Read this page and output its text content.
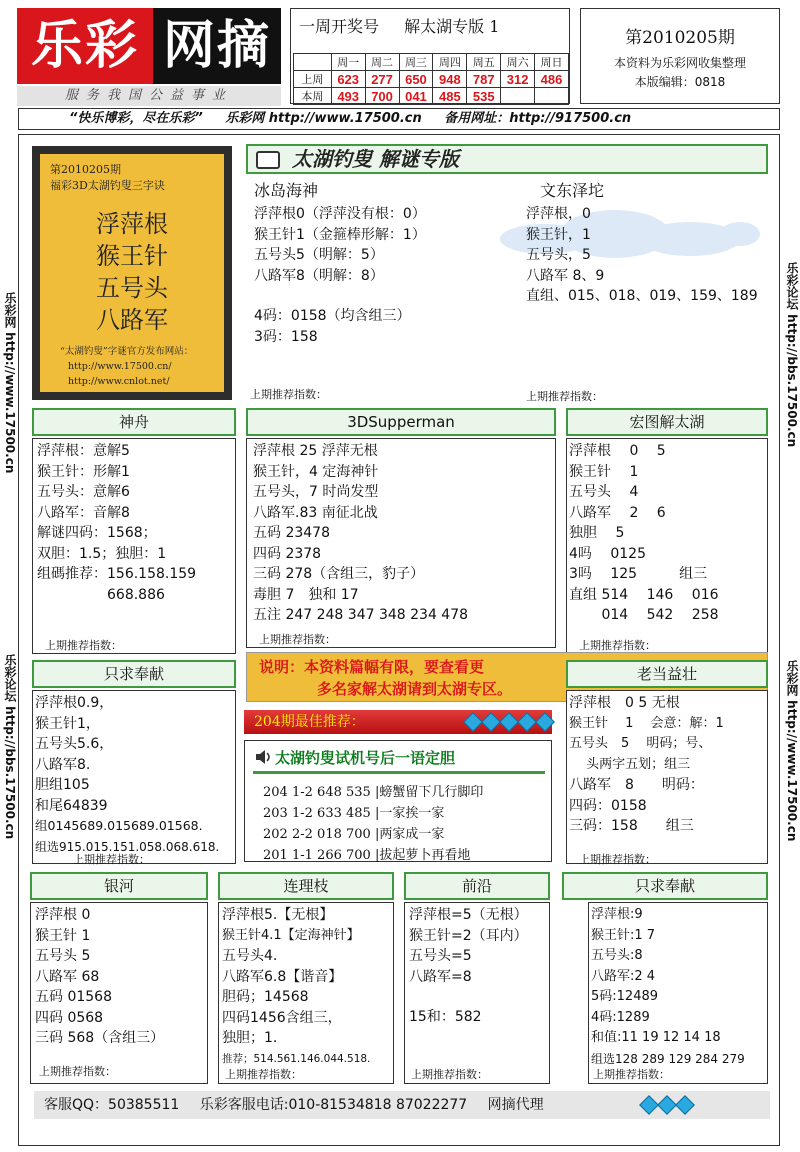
乐彩 网摘
服务我国公益事业
一周开奖号 解太湖专版 1
	周一	周二	周三	周四	周五	周六	周日
上周	623	277	650	948	787	312	486
本周	493	700	041	485	535		
第2010205期
本资料为乐彩网收集整理
本版编辑：0818
“快乐博彩，尽在乐彩” 乐彩网 http://www.17500.cn 备用网址：http://917500.cn
乐彩网 http://www.17500.cn
乐彩论坛 http://bbs.17500.cn
乐彩论坛 http://bbs.17500.cn
乐彩网 http://www.17500.cn
第2010205期
福彩3D太湖钓叟三字诀
浮萍根
猴王针
五号头
八路军
“太湖钓叟”字谜官方发布网站：
http://www.17500.cn/
http://www.cnlot.net/
太湖钓叟 解谜专版
冰岛海神
浮萍根0（浮萍没有根：0）
猴王针1（金箍棒形解：1）
五号头5（明解：5）
八路军8（明解：8）
4码：0158（均含组三）
3码：158
上期推荐指数：
文东泽坨
浮萍根，0
猴王针，1
五号头，5
八路军 8、9
直组、015、018、019、159、189
上期推荐指数：
神舟
浮萍根：意解5
猴王针：形解1
五号头：意解6
八路军：音解8
解谜四码：1568；
双胆：1.5；独胆：1
组碼推荐：156.158.159
　　　　　668.886
上期推荐指数：
3DSupperman
浮萍根 25 浮萍无根
猴王针，4 定海神针
五号头，7 时尚发型
八路军.83 南征北战
五码 23478
四码 2378
三码 278（含组三，豹子）
毒胆 7　独和 17
五注 247 248 347 348 234 478
上期推荐指数：
宏图解太湖
浮萍根　 0　 5
猴王针　 1
五号头　 4
八路军　 2　 6
独胆　 5
4吗　 0125
3吗　 125　　　组三
直组 514　 146　 016
　　 014　 542　 258
上期推荐指数：
说明：本资料篇幅有限，要查看更
多名家解太湖请到太湖专区。
只求奉献
浮萍根0.9，
猴王针1，
五号头5.6，
八路军8.
胆组105
和尾64839
组0145689.015689.01568.
组选915.015.151.058.068.618.
上期推荐指数：
204期最佳推荐：
太湖钓叟试机号后一语定胆
204 1-2 648 535 |螃蟹留下几行脚印
203 1-2 633 485 |一家挨一家
202 2-2 018 700 |两家成一家
201 1-1 266 700 |拔起萝卜再看地
老当益壮
浮萍根　0 5 无根
猴王针　 1　 会意：解：1
五号头　5　 明码；号、
　 头两字五划；组三
八路军　8　　明码：
四码：0158
三码：158　　组三
上期推荐指数：
银河
浮萍根 0
猴王针 1
五号头 5
八路军 68
五码 01568
四码 0568
三码 568（含组三）
上期推荐指数：
连理枝
浮萍根5.【无根】
猴王针4.1【定海神针】
五号头4.
八路军6.8【谐音】
胆码；14568
四码1456含组三，
独胆；1.
推荐；514.561.146.044.518.
上期推荐指数：
前沿
浮萍根=5（无根）
猴王针=2（耳内）
五号头=5
八路军=8
15和：582
上期推荐指数：
只求奉献
浮萍根:9
猴王针:1 7
五号头:8
八路军:2 4
5码:12489
4码:1289
和值:11 19 12 14 18
组选128 289 129 284 279
上期推荐指数：
客服QQ：50385511 乐彩客服电话:010-81534818 87022277 网摘代理
